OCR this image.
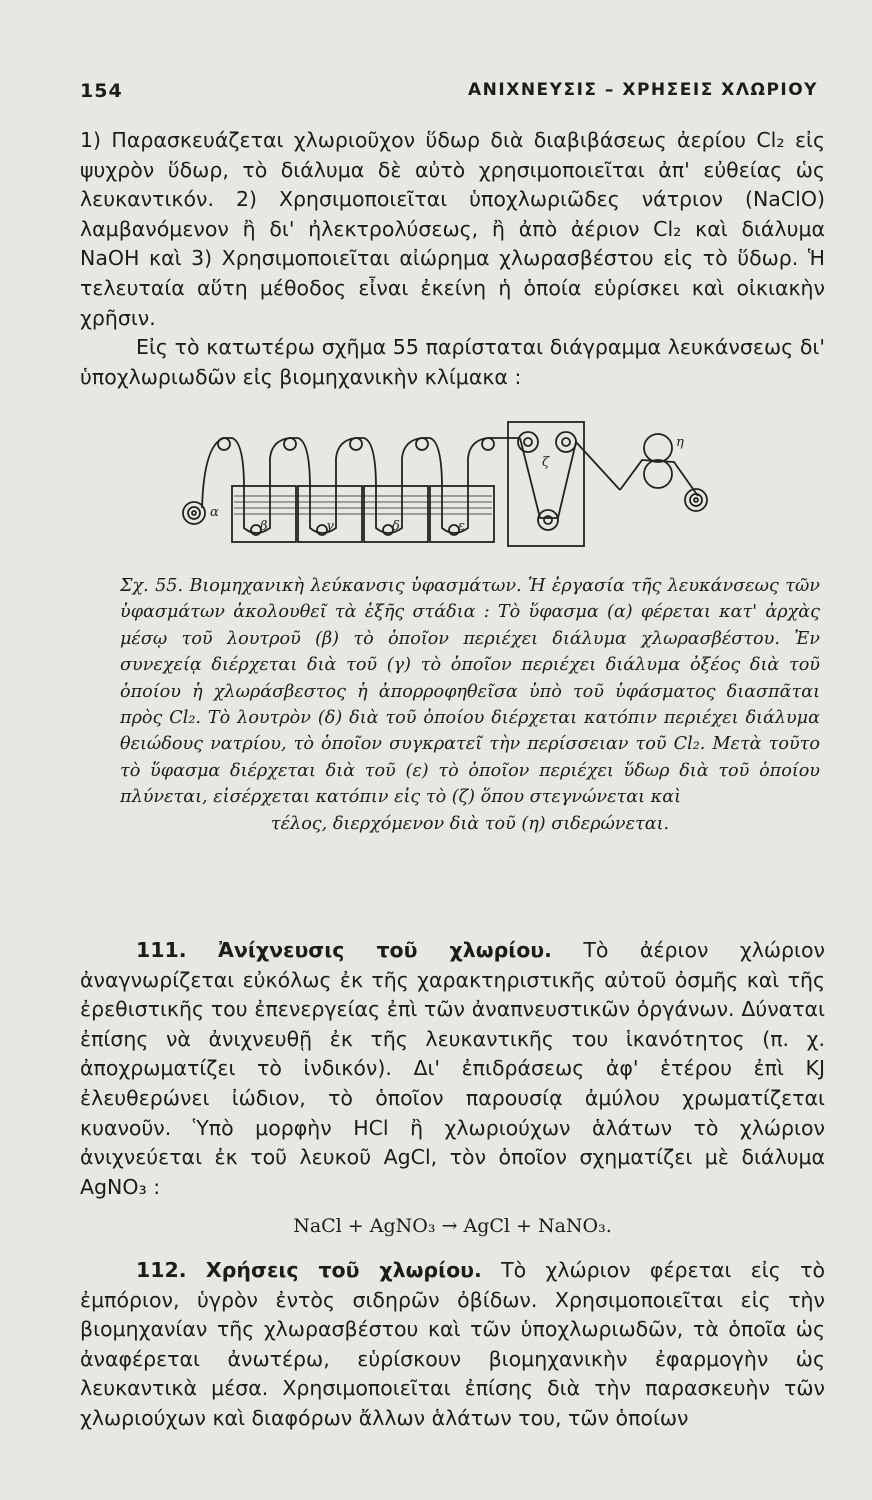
154	ΑΝΙΧΝΕΥΣΙΣ – ΧΡΗΣΕΙΣ ΧΛΩΡΙΟΥ

1) Παρασκευάζεται χλωριοῦχον ὕδωρ διὰ διαβιβάσεως ἀερίου Cl₂ εἰς ψυχρὸν ὕδωρ, τὸ διάλυμα δὲ αὐτὸ χρησιμοποιεῖται ἀπ' εὐθείας ὡς λευκαντικόν. 2) Χρησιμοποιεῖται ὑποχλωριῶδες νάτριον (NaClO) λαμβανόμενον ἢ δι' ἠλεκτρολύσεως, ἢ ἀπὸ ἀέριον Cl₂ καὶ διάλυμα NaOH καὶ 3) Χρησιμοποιεῖται αἰώρημα χλωρασβέστου εἰς τὸ ὕδωρ. Ἡ τελευταία αὕτη μέθοδος εἶναι ἐκείνη ἡ ὁποία εὑρίσκει καὶ οἰκιακὴν χρῆσιν.

Εἰς τὸ κατωτέρω σχῆμα 55 παρίσταται διάγραμμα λευκάνσεως δι' ὑποχλωριωδῶν εἰς βιομηχανικὴν κλίμακα :

α
β	γ	δ	ε
ζ
η

Σχ. 55. Βιομηχανικὴ λεύκανσις ὑφασμάτων. Ἡ ἐργασία τῆς λευκάνσεως τῶν ὑφασμάτων ἀκολουθεῖ τὰ ἑξῆς στάδια : Τὸ ὕφασμα (α) φέρεται κατ' ἀρχὰς μέσῳ τοῦ λουτροῦ (β) τὸ ὁποῖον περιέχει διάλυμα χλωρασβέστου. Ἐν συνεχείᾳ διέρχεται διὰ τοῦ (γ) τὸ ὁποῖον περιέχει διάλυμα ὀξέος διὰ τοῦ ὁποίου ἡ χλωράσβεστος ἡ ἀπορροφηθεῖσα ὑπὸ τοῦ ὑφάσματος διασπᾶται πρὸς Cl₂. Τὸ λουτρὸν (δ) διὰ τοῦ ὁποίου διέρχεται κατόπιν περιέχει διάλυμα θειώδους νατρίου, τὸ ὁποῖον συγκρατεῖ τὴν περίσσειαν τοῦ Cl₂. Μετὰ τοῦτο τὸ ὕφασμα διέρχεται διὰ τοῦ (ε) τὸ ὁποῖον περιέχει ὕδωρ διὰ τοῦ ὁποίου πλύνεται, εἰσέρχεται κατόπιν εἰς τὸ (ζ) ὅπου στεγνώνεται καὶ

τέλος, διερχόμενον διὰ τοῦ (η) σιδερώνεται.

111. Ἀνίχνευσις τοῦ χλωρίου. Τὸ ἀέριον χλώριον ἀναγνωρίζεται εὐκόλως ἐκ τῆς χαρακτηριστικῆς αὐτοῦ ὀσμῆς καὶ τῆς ἐρεθιστικῆς του ἐπενεργείας ἐπὶ τῶν ἀναπνευστικῶν ὀργάνων. Δύναται ἐπίσης νὰ ἀνιχνευθῇ ἐκ τῆς λευκαντικῆς του ἱκανότητος (π. χ. ἀποχρωματίζει τὸ ἰνδικόν). Δι' ἐπιδράσεως ἀφ' ἑτέρου ἐπὶ KJ ἐλευθερώνει ἰώδιον, τὸ ὁποῖον παρουσίᾳ ἀμύλου χρωματίζεται κυανοῦν. Ὑπὸ μορφὴν HCl ἢ χλωριούχων ἁλάτων τὸ χλώριον ἀνιχνεύεται ἐκ τοῦ λευκοῦ AgCl, τὸν ὁποῖον σχηματίζει μὲ διάλυμα AgNO₃ :

NaCl + AgNO₃ → AgCl + NaNO₃.

112. Χρήσεις τοῦ χλωρίου. Τὸ χλώριον φέρεται εἰς τὸ ἐμπόριον, ὑγρὸν ἐντὸς σιδηρῶν ὀβίδων. Χρησιμοποιεῖται εἰς τὴν βιομηχανίαν τῆς χλωρασβέστου καὶ τῶν ὑποχλωριωδῶν, τὰ ὁποῖα ὡς ἀναφέρεται ἀνωτέρω, εὑρίσκουν βιομηχανικὴν ἐφαρμογὴν ὡς λευκαντικὰ μέσα. Χρησιμοποιεῖται ἐπίσης διὰ τὴν παρασκευὴν τῶν χλωριούχων καὶ διαφόρων ἄλλων ἁλάτων του, τῶν ὁποίων
